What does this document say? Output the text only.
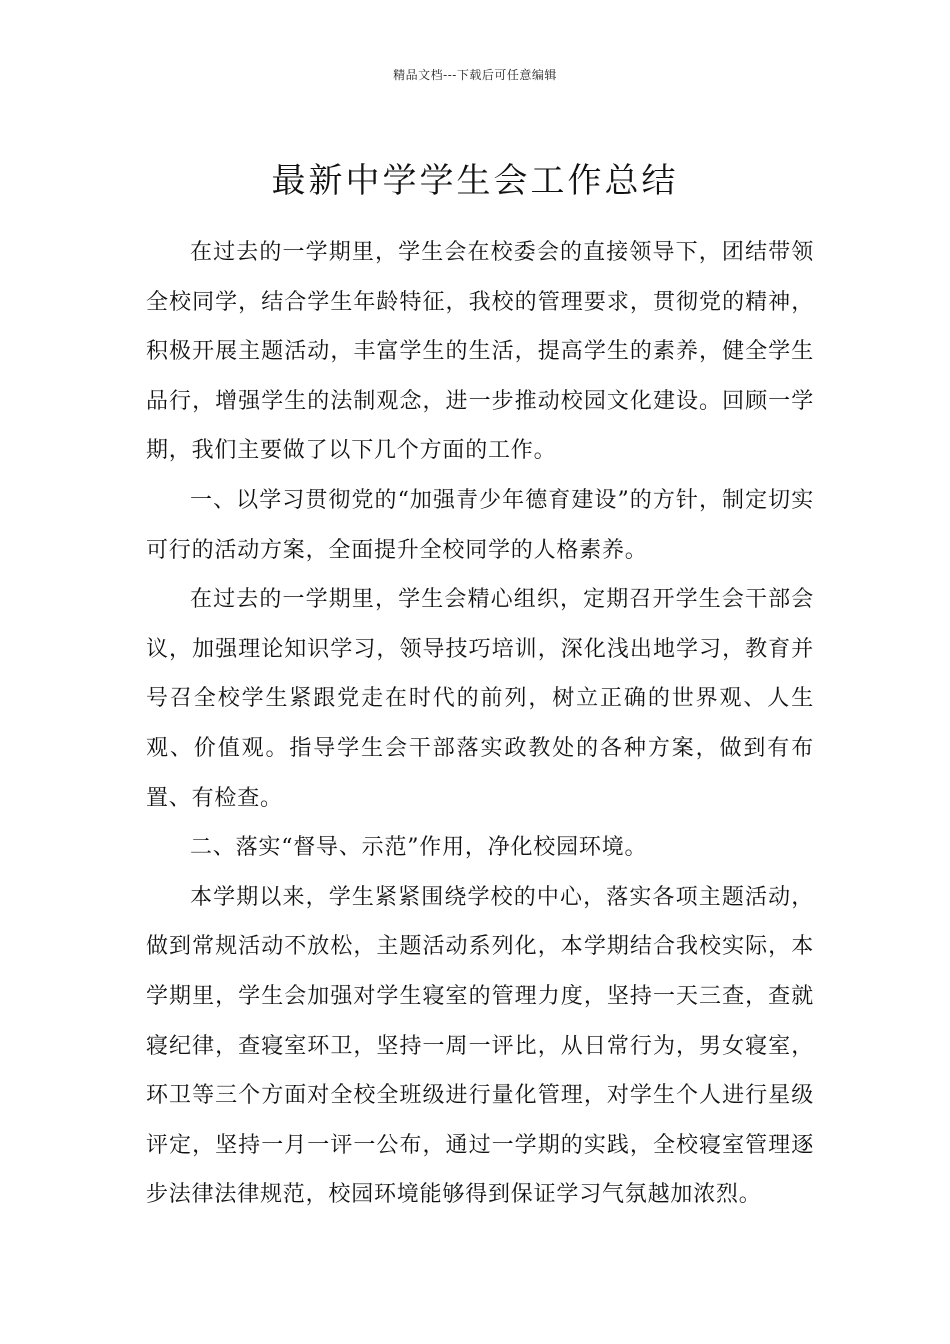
精品文档---下载后可任意编辑
最新中学学生会工作总结

在过去的一学期里，学生会在校委会的直接领导下，团结带领全校同学，结合学生年龄特征，我校的管理要求，贯彻党的精神，积极开展主题活动，丰富学生的生活，提高学生的素养，健全学生品行，增强学生的法制观念，进一步推动校园文化建设。回顾一学期，我们主要做了以下几个方面的工作。

一、以学习贯彻党的“加强青少年德育建设”的方针，制定切实可行的活动方案，全面提升全校同学的人格素养。

在过去的一学期里，学生会精心组织，定期召开学生会干部会议，加强理论知识学习，领导技巧培训，深化浅出地学习，教育并号召全校学生紧跟党走在时代的前列，树立正确的世界观、人生观、价值观。指导学生会干部落实政教处的各种方案，做到有布置、有检查。

二、落实“督导、示范”作用，净化校园环境。

本学期以来，学生紧紧围绕学校的中心，落实各项主题活动，做到常规活动不放松，主题活动系列化，本学期结合我校实际，本学期里，学生会加强对学生寝室的管理力度，坚持一天三查，查就寝纪律，查寝室环卫，坚持一周一评比，从日常行为，男女寝室，环卫等三个方面对全校全班级进行量化管理，对学生个人进行星级评定，坚持一月一评一公布，通过一学期的实践，全校寝室管理逐步法律法律规范，校园环境能够得到保证学习气氛越加浓烈。
